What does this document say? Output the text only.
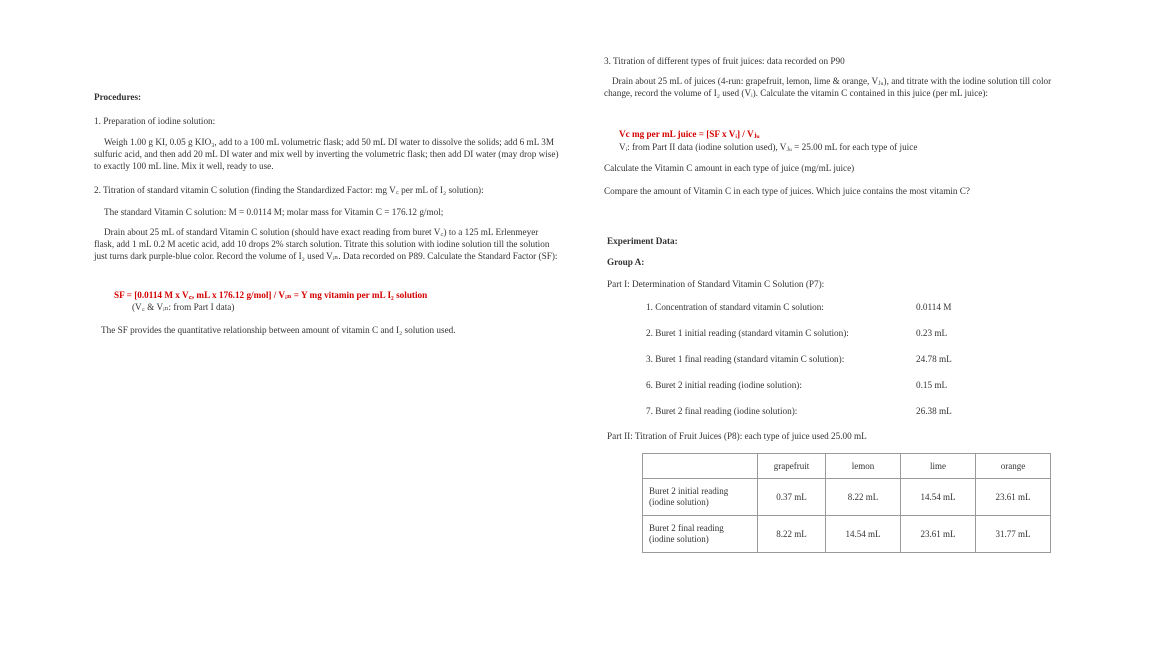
Procedures:
1. Preparation of iodine solution:

Weigh 1.00 g KI, 0.05 g KIO₃, add to a 100 mL volumetric flask; add 50 mL DI water to dissolve the solids; add 6 mL 3M sulfuric acid, and then add 20 mL DI water and mix well by inverting the volumetric flask; then add DI water (may drop wise) to exactly 100 mL line. Mix it well, ready to use.

2. Titration of standard vitamin C solution (finding the Standardized Factor: mg V꜀ per mL of I₂ solution):
The standard Vitamin C solution: M = 0.0114 M; molar mass for Vitamin C = 176.12 g/mol;

Drain about 25 mL of standard Vitamin C solution (should have exact reading from buret V꜀) to a 125 mL Erlenmeyer flask, add 1 mL 0.2 M acetic acid, add 10 drops 2% starch solution. Titrate this solution with iodine solution till the solution just turns dark purple-blue color. Record the volume of I₂ used Vᵢₙ. Data recorded on P89. Calculate the Standard Factor (SF):

SF = [0.0114 M x V꜀, mL x 176.12 g/mol] / Vᵢₙ = Y mg vitamin per mL I₂ solution
(V꜀ & Vᵢₙ: from Part I data)
The SF provides the quantitative relationship between amount of vitamin C and I₂ solution used.
3. Titration of different types of fruit juices: data recorded on P90

Drain about 25 mL of juices (4-run: grapefruit, lemon, lime & orange, Vⱼᵤ), and titrate with the iodine solution till color change, record the volume of I₂ used (Vᵢ). Calculate the vitamin C contained in this juice (per mL juice):

Vc mg per mL juice = [SF x Vᵢ] / Vⱼᵤ
Vᵢ: from Part II data (iodine solution used), Vⱼᵤ = 25.00 mL for each type of juice
Calculate the Vitamin C amount in each type of juice (mg/mL juice)
Compare the amount of Vitamin C in each type of juices. Which juice contains the most vitamin C?
Experiment Data:
Group A:
Part I: Determination of Standard Vitamin C Solution (P7):
1. Concentration of standard vitamin C solution:	0.0114 M
2. Buret 1 initial reading (standard vitamin C solution):	0.23 mL
3. Buret 1 final reading (standard vitamin C solution):	24.78 mL
6. Buret 2 initial reading (iodine solution):	0.15 mL
7. Buret 2 final reading (iodine solution):	26.38 mL
Part II: Titration of Fruit Juices (P8): each type of juice used 25.00 mL
	grapefruit	lemon	lime	orange
Buret 2 initial reading (iodine solution)	0.37 mL	8.22 mL	14.54 mL	23.61 mL
Buret 2 final reading (iodine solution)	8.22 mL	14.54 mL	23.61 mL	31.77 mL
